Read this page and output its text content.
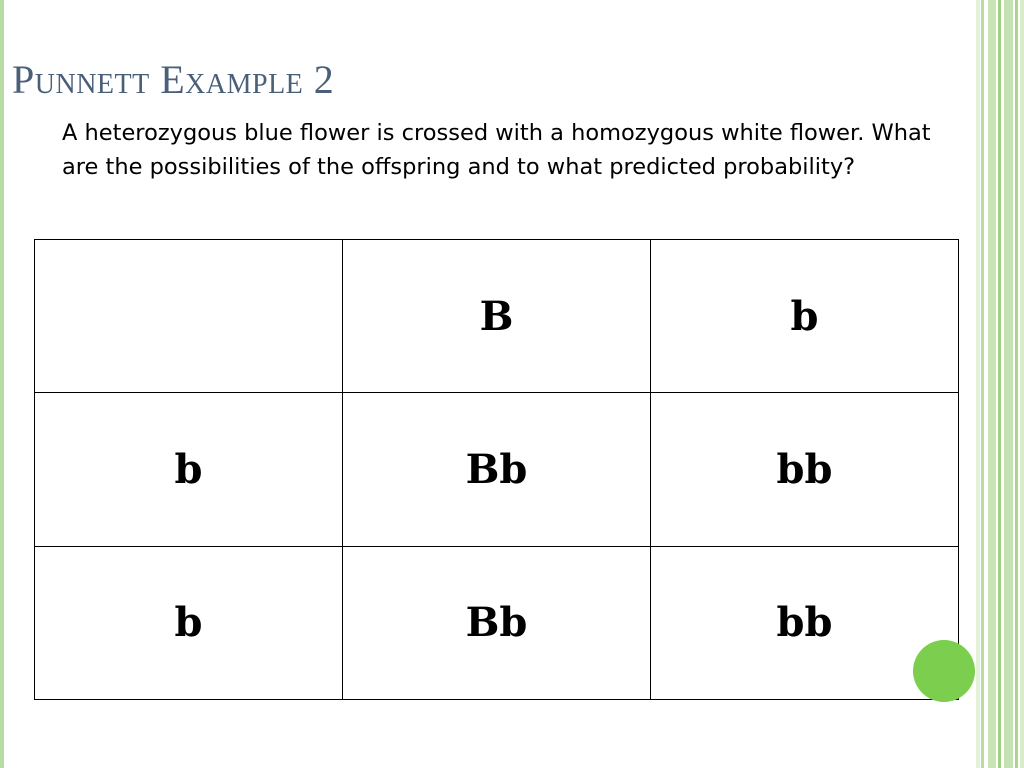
Punnett Example 2

A heterozygous blue flower is crossed with a homozygous white flower. What are the possibilities of the offspring and to what predicted probability?

	B	b
b	Bb	bb
b	Bb	bb
